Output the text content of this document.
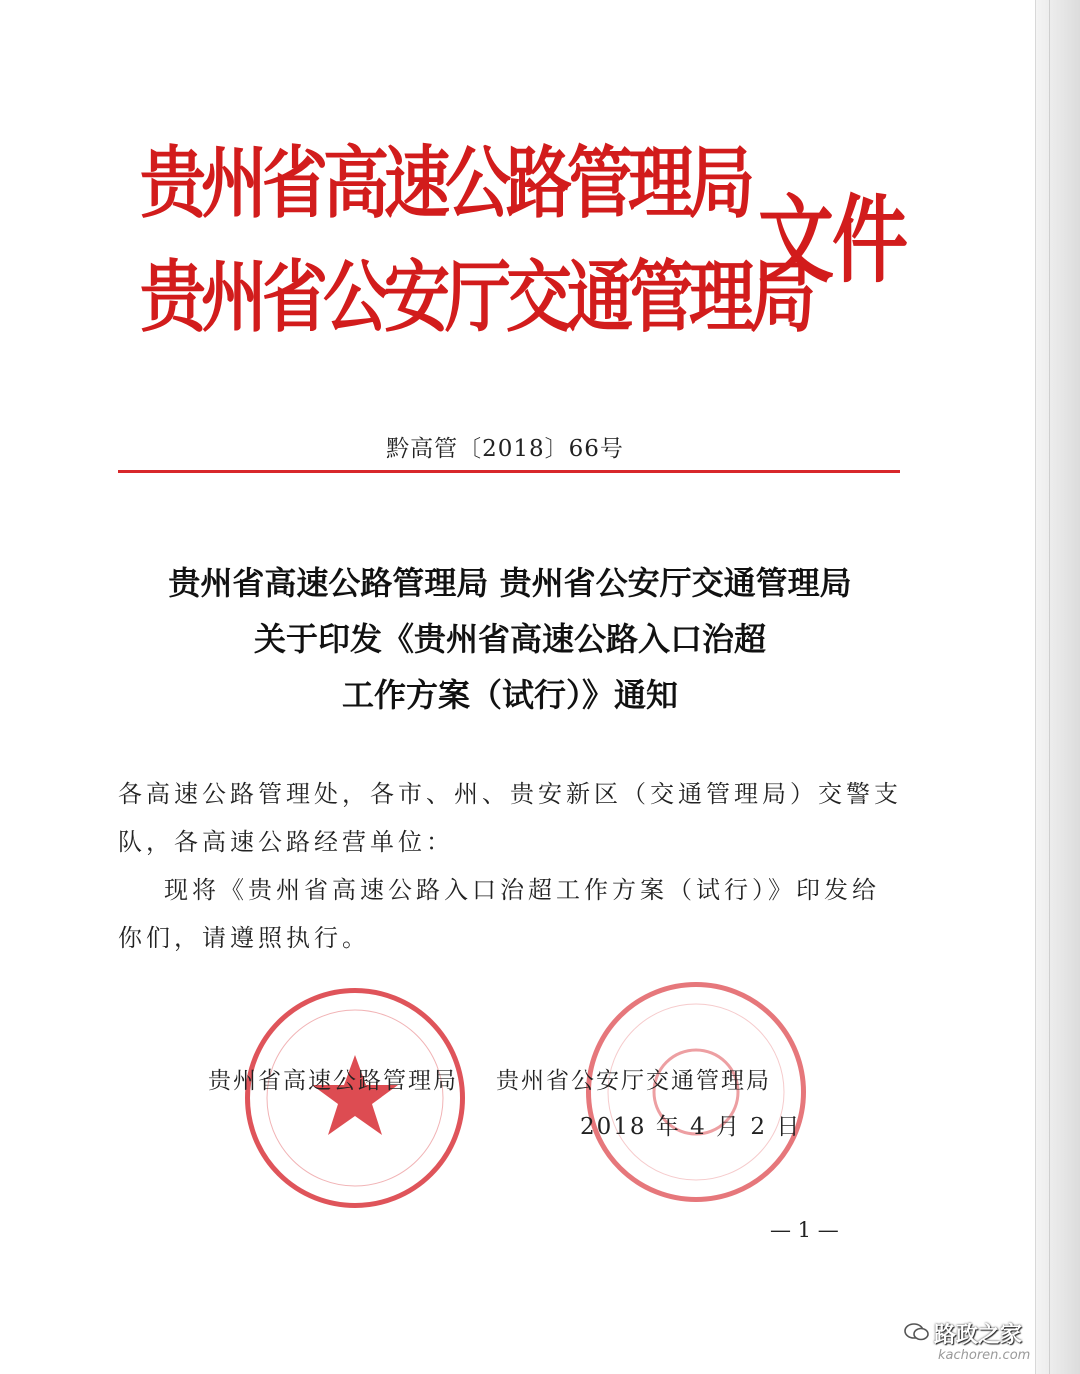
贵州省高速公路管理局
贵州省公安厅交通管理局
文件
黔高管〔2018〕66号
贵州省高速公路管理局 贵州省公安厅交通管理局
关于印发《贵州省高速公路入口治超
工作方案（试行）》通知

各高速公路管理处，各市、州、贵安新区（交通管理局）交警支

队，各高速公路经营单位：

现将《贵州省高速公路入口治超工作方案（试行）》印发给

你们，请遵照执行。

贵州省高速公路管理局 贵州省公安厅交通管理局
2018 年 4 月 2 日
— 1 —
路政之家
kachoren.com
